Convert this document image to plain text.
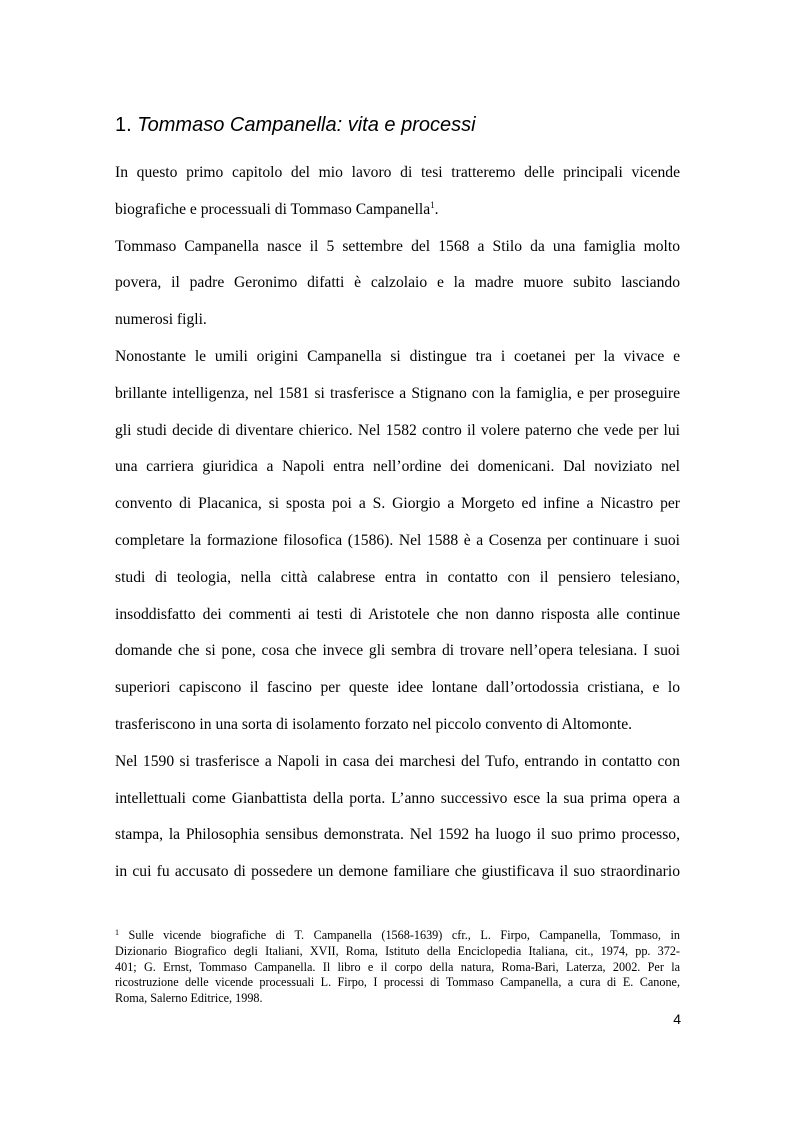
1. Tommaso Campanella: vita e processi
In questo primo capitolo del mio lavoro di tesi tratteremo delle principali vicende
biografiche e processuali di Tommaso Campanella$^1$.
Tommaso Campanella nasce il 5 settembre del 1568 a Stilo da una famiglia molto
povera, il padre Geronimo difatti è calzolaio e la madre muore subito lasciando
numerosi figli.
Nonostante le umili origini Campanella si distingue tra i coetanei per la vivace e
brillante intelligenza, nel 1581 si trasferisce a Stignano con la famiglia, e per proseguire
gli studi decide di diventare chierico. Nel 1582 contro il volere paterno che vede per lui
una carriera giuridica a Napoli entra nell’ordine dei domenicani. Dal noviziato nel
convento di Placanica, si sposta poi a S. Giorgio a Morgeto ed infine a Nicastro per
completare la formazione filosofica (1586). Nel 1588 è a Cosenza per continuare i suoi
studi di teologia, nella città calabrese entra in contatto con il pensiero telesiano,
insoddisfatto dei commenti ai testi di Aristotele che non danno risposta alle continue
domande che si pone, cosa che invece gli sembra di trovare nell’opera telesiana. I suoi
superiori capiscono il fascino per queste idee lontane dall’ortodossia cristiana, e lo
trasferiscono in una sorta di isolamento forzato nel piccolo convento di Altomonte.
Nel 1590 si trasferisce a Napoli in casa dei marchesi del Tufo, entrando in contatto con
intellettuali come Gianbattista della porta. L’anno successivo esce la sua prima opera a
stampa, la Philosophia sensibus demonstrata. Nel 1592 ha luogo il suo primo processo,
in cui fu accusato di possedere un demone familiare che giustificava il suo straordinario
$^1$ Sulle vicende biografiche di T. Campanella (1568-1639) cfr., L. Firpo, Campanella, Tommaso, in
Dizionario Biografico degli Italiani, XVII, Roma, Istituto della Enciclopedia Italiana, cit., 1974, pp. 372-
401; G. Ernst, Tommaso Campanella. Il libro e il corpo della natura, Roma-Bari, Laterza, 2002. Per la
ricostruzione delle vicende processuali L. Firpo, I processi di Tommaso Campanella, a cura di E. Canone,
Roma, Salerno Editrice, 1998.
4
